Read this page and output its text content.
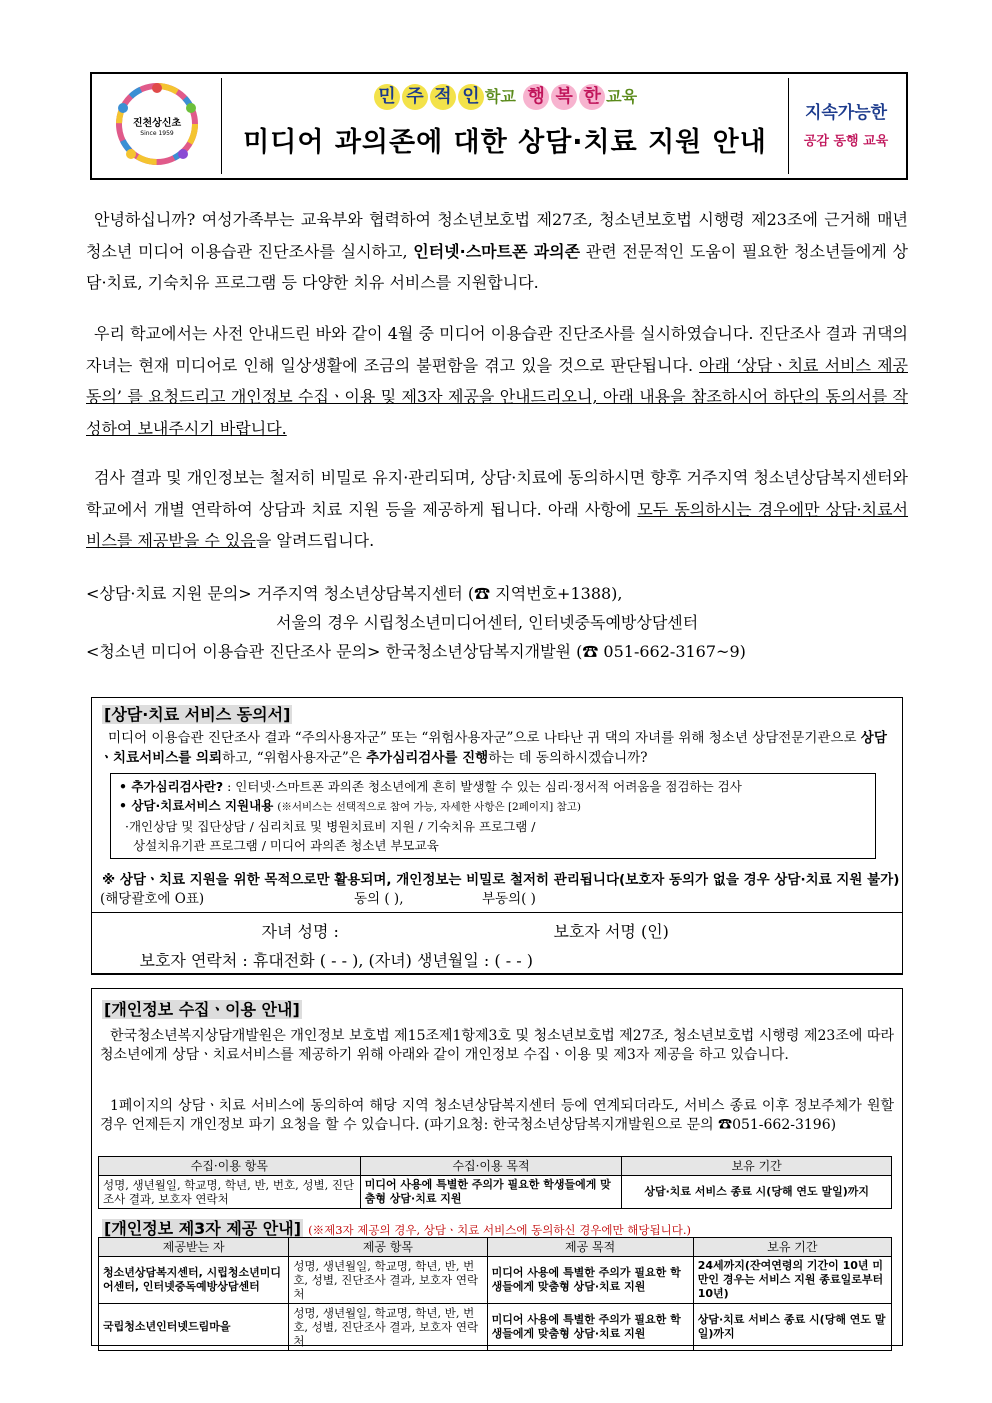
진천상신초
Since 1959
민 주 적 인 학교 행 복 한 교육
미디어 과의존에 대한 상담·치료 지원 안내
지속가능한
공감 동행 교육
안녕하십니까? 여성가족부는 교육부와 협력하여 청소년보호법 제27조, 청소년보호법 시행령 제23조에 근거해 매년 청소년 미디어 이용습관 진단조사를 실시하고, 인터넷·스마트폰 과의존 관련 전문적인 도움이 필요한 청소년들에게 상담·치료, 기숙치유 프로그램 등 다양한 치유 서비스를 지원합니다.
우리 학교에서는 사전 안내드린 바와 같이 4월 중 미디어 이용습관 진단조사를 실시하였습니다. 진단조사 결과 귀댁의 자녀는 현재 미디어로 인해 일상생활에 조금의 불편함을 겪고 있을 것으로 판단됩니다. 아래 ‘상담ㆍ치료 서비스 제공 동의’ 를 요청드리고 개인정보 수집ㆍ이용 및 제3자 제공을 안내드리오니, 아래 내용을 참조하시어 하단의 동의서를 작성하여 보내주시기 바랍니다.
검사 결과 및 개인정보는 철저히 비밀로 유지·관리되며, 상담·치료에 동의하시면 향후 거주지역 청소년상담복지센터와 학교에서 개별 연락하여 상담과 치료 지원 등을 제공하게 됩니다. 아래 사항에 모두 동의하시는 경우에만 상담·치료서비스를 제공받을 수 있음을 알려드립니다.
<상담·치료 지원 문의> 거주지역 청소년상담복지센터 (☎ 지역번호+1388),
서울의 경우 시립청소년미디어센터, 인터넷중독예방상담센터
<청소년 미디어 이용습관 진단조사 문의> 한국청소년상담복지개발원 (☎ 051-662-3167~9)
[상담·치료 서비스 동의서]
미디어 이용습관 진단조사 결과 “주의사용자군” 또는 “위험사용자군”으로 나타난 귀 댁의 자녀를 위해 청소년 상담전문기관으로 상담ㆍ치료서비스를 의뢰하고, “위험사용자군”은 추가심리검사를 진행하는 데 동의하시겠습니까?
• 추가심리검사란? : 인터넷·스마트폰 과의존 청소년에게 흔히 발생할 수 있는 심리·정서적 어려움을 점검하는 검사
• 상담·치료서비스 지원내용 (※서비스는 선택적으로 참여 가능, 자세한 사항은 [2페이지] 참고)
·개인상담 및 집단상담 / 심리치료 및 병원치료비 지원 / 기숙치유 프로그램 /
상설치유기관 프로그램 / 미디어 과의존 청소년 부모교육
※ 상담ㆍ치료 지원을 위한 목적으로만 활용되며, 개인정보는 비밀로 철저히 관리됩니다(보호자 동의가 없을 경우 상담·치료 지원 불가)
(해당괄호에 O표)	동의 ( ),	부동의( )
자녀 성명 :	보호자 서명 (인)
보호자 연락처 : 휴대전화 ( - - ), (자녀) 생년월일 : ( - - )
[개인정보 수집ㆍ이용 안내]
한국청소년복지상담개발원은 개인정보 보호법 제15조제1항제3호 및 청소년보호법 제27조, 청소년보호법 시행령 제23조에 따라 청소년에게 상담ㆍ치료서비스를 제공하기 위해 아래와 같이 개인정보 수집ㆍ이용 및 제3자 제공을 하고 있습니다.
1페이지의 상담ㆍ치료 서비스에 동의하여 해당 지역 청소년상담복지센터 등에 연계되더라도, 서비스 종료 이후 정보주체가 원할 경우 언제든지 개인정보 파기 요청을 할 수 있습니다. (파기요청: 한국청소년상담복지개발원으로 문의 ☎051-662-3196)
수집·이용 항목	수집·이용 목적	보유 기간
성명, 생년월일, 학교명, 학년, 반, 번호, 성별, 진단조사 결과, 보호자 연락처	미디어 사용에 특별한 주의가 필요한 학생들에게 맞춤형 상담·치료 지원	상담·치료 서비스 종료 시(당해 연도 말일)까지
[개인정보 제3자 제공 안내] (※제3자 제공의 경우, 상담ㆍ치료 서비스에 동의하신 경우에만 해당됩니다.)
제공받는 자	제공 항목	제공 목적	보유 기간
청소년상담복지센터, 시립청소년미디어센터, 인터넷중독예방상담센터	성명, 생년월일, 학교명, 학년, 반, 번호, 성별, 진단조사 결과, 보호자 연락처	미디어 사용에 특별한 주의가 필요한 학생들에게 맞춤형 상담·치료 지원	24세까지(잔여연령의 기간이 10년 미만인 경우는 서비스 지원 종료일로부터 10년)
국립청소년인터넷드림마을	성명, 생년월일, 학교명, 학년, 반, 번호, 성별, 진단조사 결과, 보호자 연락처	미디어 사용에 특별한 주의가 필요한 학생들에게 맞춤형 상담·치료 지원	상담·치료 서비스 종료 시(당해 연도 말일)까지
